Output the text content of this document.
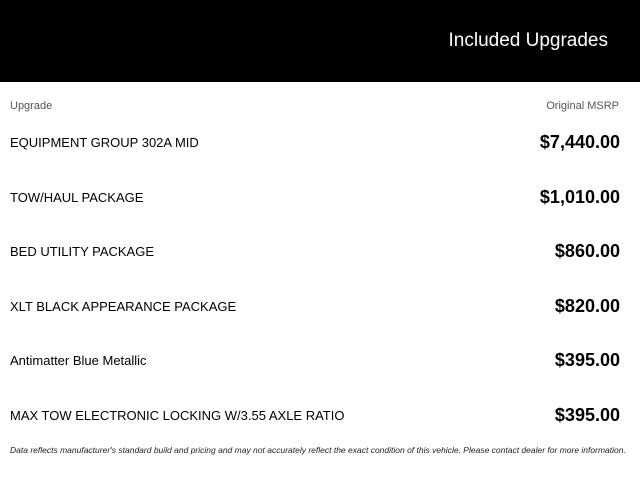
Included Upgrades
Upgrade	Original MSRP
EQUIPMENT GROUP 302A MID	$7,440.00
TOW/HAUL PACKAGE	$1,010.00
BED UTILITY PACKAGE	$860.00
XLT BLACK APPEARANCE PACKAGE	$820.00
Antimatter Blue Metallic	$395.00
MAX TOW ELECTRONIC LOCKING W/3.55 AXLE RATIO	$395.00
Data reflects manufacturer's standard build and pricing and may not accurately reflect the exact condition of this vehicle. Please contact dealer for more information.
